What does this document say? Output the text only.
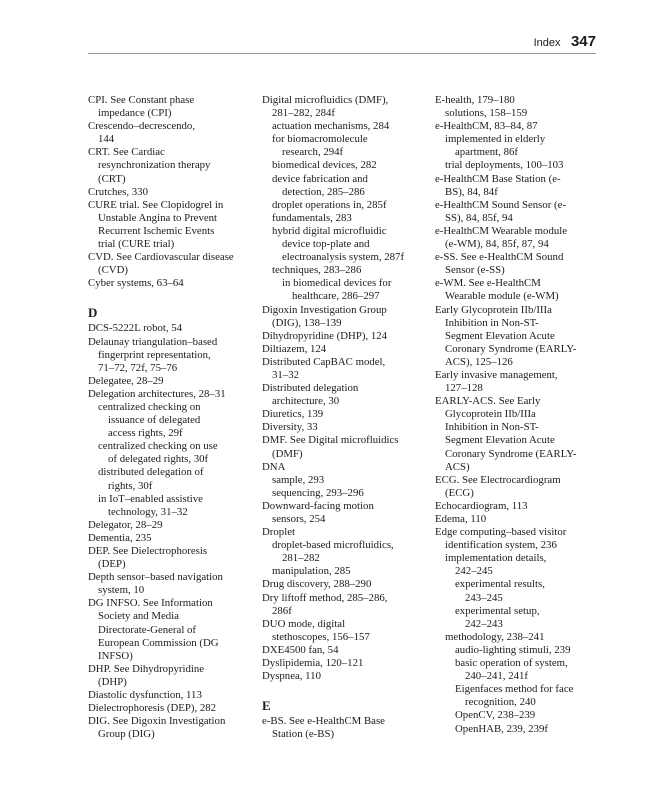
Index 347
CPI. See Constant phase
impedance (CPI)
Crescendo–decrescendo,
144
CRT. See Cardiac
resynchronization therapy
(CRT)
Crutches, 330
CURE trial. See Clopidogrel in
Unstable Angina to Prevent
Recurrent Ischemic Events
trial (CURE trial)
CVD. See Cardiovascular disease
(CVD)
Cyber systems, 63–64
D
DCS-5222L robot, 54
Delaunay triangulation–based
fingerprint representation,
71–72, 72f, 75–76
Delegatee, 28–29
Delegation architectures, 28–31
centralized checking on
issuance of delegated
access rights, 29f
centralized checking on use
of delegated rights, 30f
distributed delegation of
rights, 30f
in IoT–enabled assistive
technology, 31–32
Delegator, 28–29
Dementia, 235
DEP. See Dielectrophoresis
(DEP)
Depth sensor–based navigation
system, 10
DG INFSO. See Information
Society and Media
Directorate-General of
European Commission (DG
INFSO)
DHP. See Dihydropyridine
(DHP)
Diastolic dysfunction, 113
Dielectrophoresis (DEP), 282
DIG. See Digoxin Investigation
Group (DIG)
Digital microfluidics (DMF),
281–282, 284f
actuation mechanisms, 284
for biomacromolecule
research, 294f
biomedical devices, 282
device fabrication and
detection, 285–286
droplet operations in, 285f
fundamentals, 283
hybrid digital microfluidic
device top-plate and
electroanalysis system, 287f
techniques, 283–286
in biomedical devices for
healthcare, 286–297
Digoxin Investigation Group
(DIG), 138–139
Dihydropyridine (DHP), 124
Diltiazem, 124
Distributed CapBAC model,
31–32
Distributed delegation
architecture, 30
Diuretics, 139
Diversity, 33
DMF. See Digital microfluidics
(DMF)
DNA
sample, 293
sequencing, 293–296
Downward-facing motion
sensors, 254
Droplet
droplet-based microfluidics,
281–282
manipulation, 285
Drug discovery, 288–290
Dry liftoff method, 285–286,
286f
DUO mode, digital
stethoscopes, 156–157
DXE4500 fan, 54
Dyslipidemia, 120–121
Dyspnea, 110
E
e-BS. See e-HealthCM Base
Station (e-BS)
E-health, 179–180
solutions, 158–159
e-HealthCM, 83–84, 87
implemented in elderly
apartment, 86f
trial deployments, 100–103
e-HealthCM Base Station (e-
BS), 84, 84f
e-HealthCM Sound Sensor (e-
SS), 84, 85f, 94
e-HealthCM Wearable module
(e-WM), 84, 85f, 87, 94
e-SS. See e-HealthCM Sound
Sensor (e-SS)
e-WM. See e-HealthCM
Wearable module (e-WM)
Early Glycoprotein IIb/IIIa
Inhibition in Non-ST-
Segment Elevation Acute
Coronary Syndrome (EARLY-
ACS), 125–126
Early invasive management,
127–128
EARLY-ACS. See Early
Glycoprotein IIb/IIIa
Inhibition in Non-ST-
Segment Elevation Acute
Coronary Syndrome (EARLY-
ACS)
ECG. See Electrocardiogram
(ECG)
Echocardiogram, 113
Edema, 110
Edge computing–based visitor
identification system, 236
implementation details,
242–245
experimental results,
243–245
experimental setup,
242–243
methodology, 238–241
audio-lighting stimuli, 239
basic operation of system,
240–241, 241f
Eigenfaces method for face
recognition, 240
OpenCV, 238–239
OpenHAB, 239, 239f
